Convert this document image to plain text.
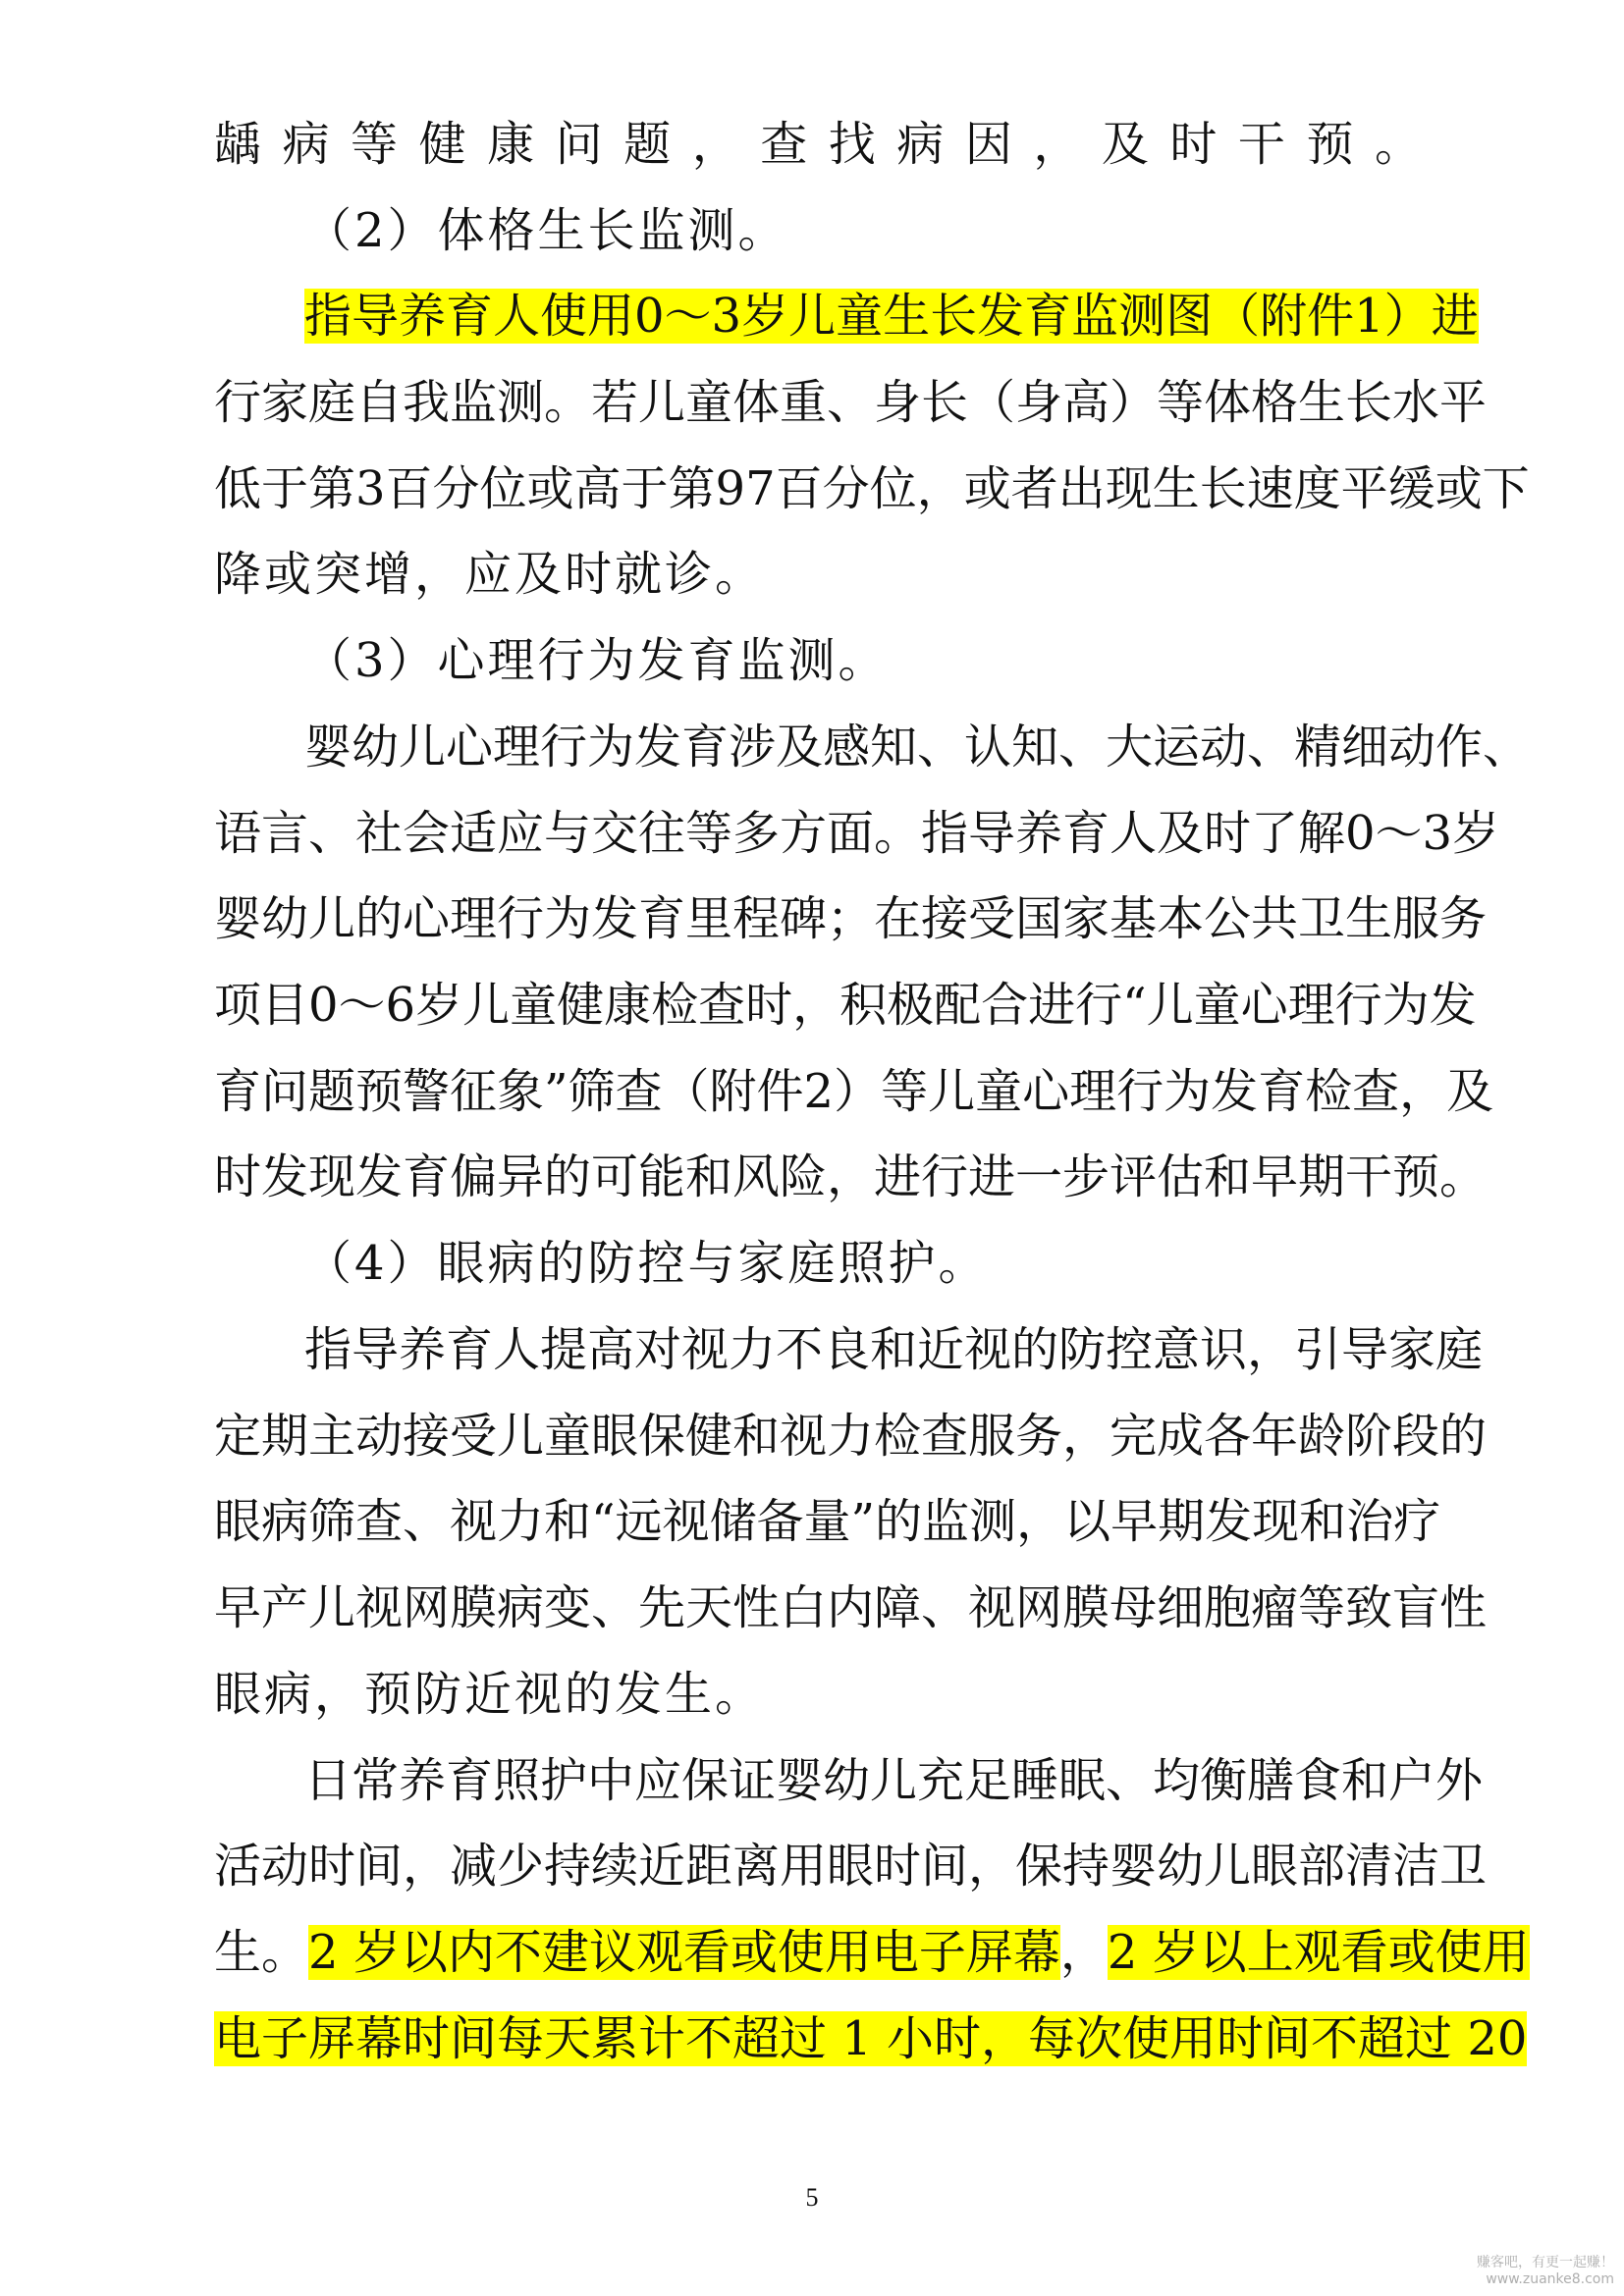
龋病等健康问题，查找病因，及时干预。
（2）体格生长监测。
指导养育人使用0～3岁儿童生长发育监测图（附件1）进
行家庭自我监测。若儿童体重、身长（身高）等体格生长水平
低于第3百分位或高于第97百分位，或者出现生长速度平缓或下
降或突增，应及时就诊。
（3）心理行为发育监测。
婴幼儿心理行为发育涉及感知、认知、大运动、精细动作、
语言、社会适应与交往等多方面。指导养育人及时了解0～3岁
婴幼儿的心理行为发育里程碑；在接受国家基本公共卫生服务
项目0～6岁儿童健康检查时，积极配合进行“儿童心理行为发
育问题预警征象”筛查（附件2）等儿童心理行为发育检查，及
时发现发育偏异的可能和风险，进行进一步评估和早期干预。
（4）眼病的防控与家庭照护。
指导养育人提高对视力不良和近视的防控意识，引导家庭
定期主动接受儿童眼保健和视力检查服务，完成各年龄阶段的
眼病筛查、视力和“远视储备量”的监测，以早期发现和治疗
早产儿视网膜病变、先天性白内障、视网膜母细胞瘤等致盲性
眼病，预防近视的发生。
日常养育照护中应保证婴幼儿充足睡眠、均衡膳食和户外
活动时间，减少持续近距离用眼时间，保持婴幼儿眼部清洁卫
生。2 岁以内不建议观看或使用电子屏幕，2 岁以上观看或使用
电子屏幕时间每天累计不超过 1 小时，每次使用时间不超过 20
5
赚客吧，有更一起赚！
www.zuanke8.com
